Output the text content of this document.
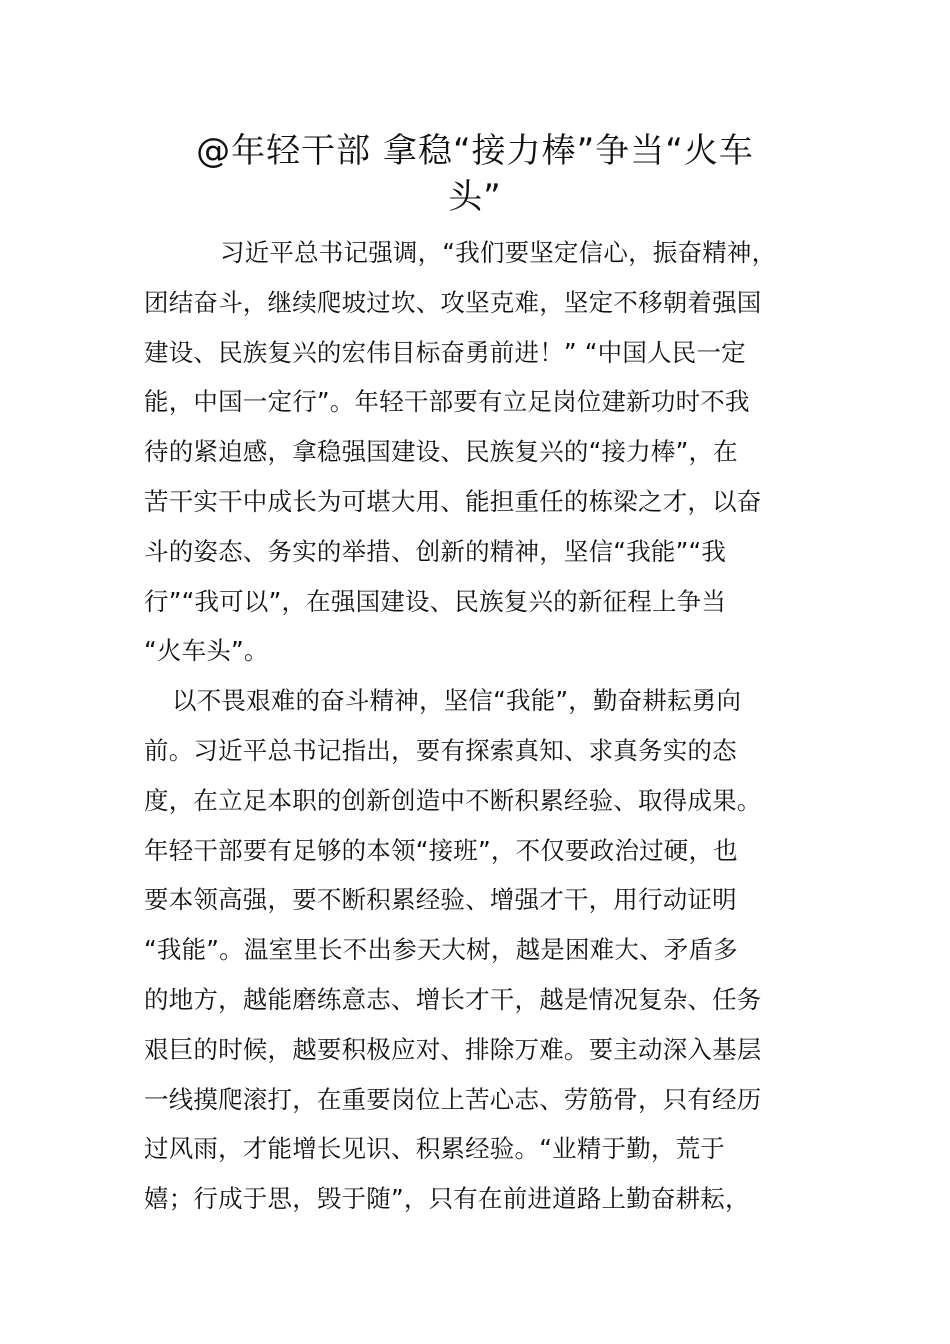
@年轻干部 拿稳“接力棒”争当“火车
头”
习近平总书记强调，“我们要坚定信心，振奋精神，
团结奋斗，继续爬坡过坎、攻坚克难，坚定不移朝着强国
建设、民族复兴的宏伟目标奋勇前进！” “中国人民一定
能，中国一定行”。年轻干部要有立足岗位建新功时不我
待的紧迫感，拿稳强国建设、民族复兴的“接力棒”，在
苦干实干中成长为可堪大用、能担重任的栋梁之才，以奋
斗的姿态、务实的举措、创新的精神，坚信“我能”“我
行”“我可以”，在强国建设、民族复兴的新征程上争当
“火车头”。
以不畏艰难的奋斗精神，坚信“我能”，勤奋耕耘勇向
前。习近平总书记指出，要有探索真知、求真务实的态
度，在立足本职的创新创造中不断积累经验、取得成果。
年轻干部要有足够的本领“接班”，不仅要政治过硬，也
要本领高强，要不断积累经验、增强才干，用行动证明
“我能”。温室里长不出参天大树，越是困难大、矛盾多
的地方，越能磨练意志、增长才干，越是情况复杂、任务
艰巨的时候，越要积极应对、排除万难。要主动深入基层
一线摸爬滚打，在重要岗位上苦心志、劳筋骨，只有经历
过风雨，才能增长见识、积累经验。“业精于勤，荒于
嬉；行成于思，毁于随”，只有在前进道路上勤奋耕耘，
